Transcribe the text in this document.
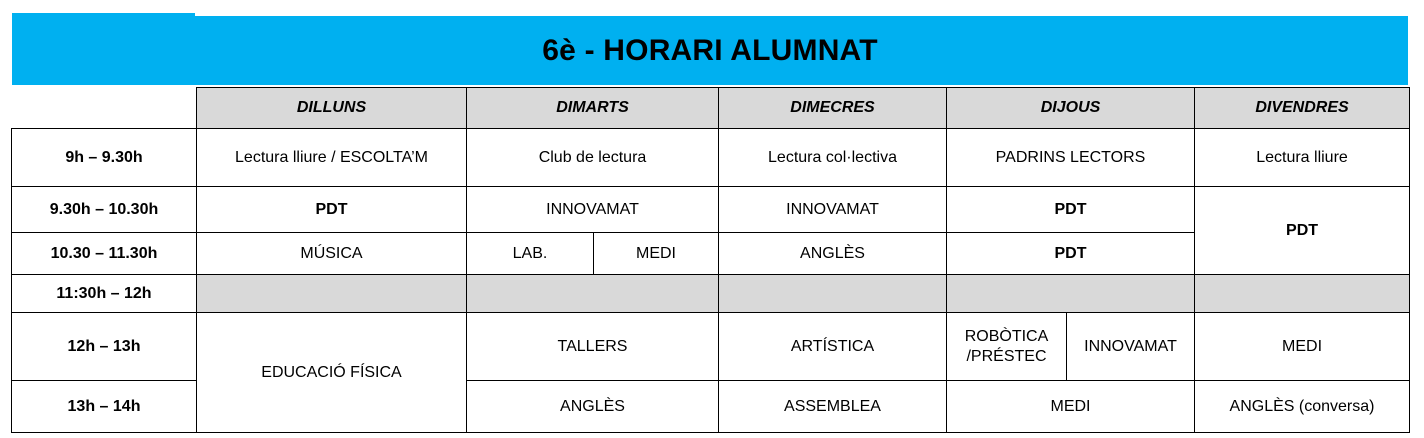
6è - HORARI ALUMNAT
	DILLUNS	DIMARTS		DIMECRES	DIJOUS		DIVENDRES
9h – 9.30h	Lectura lliure / ESCOLTA’M	Club de lectura		Lectura col·lectiva	PADRINS LECTORS		Lectura lliure
9.30h – 10.30h	PDT	INNOVAMAT		INNOVAMAT	PDT		PDT
10.30 – 11.30h	MÚSICA	LAB.	MEDI	ANGLÈS	PDT		
11:30h – 12h							
12h – 13h	EDUCACIÓ FÍSICA	TALLERS		ARTÍSTICA	ROBÒTICA /PRÉSTEC	INNOVAMAT	MEDI
13h – 14h		ANGLÈS		ASSEMBLEA	MEDI		ANGLÈS (conversa)
